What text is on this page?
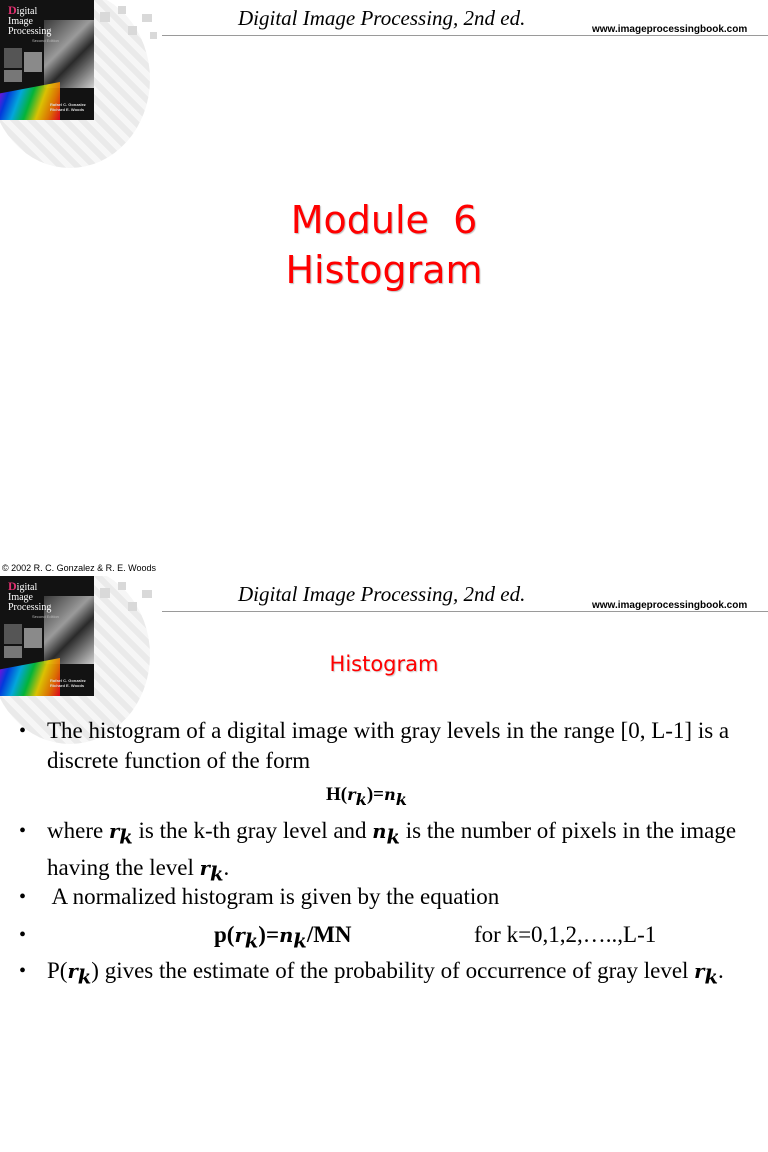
Digital
Image
Processing
Second Edition
Rafael C. Gonzalez
Richard E. Woods
Digital Image Processing, 2nd ed.	www.imageprocessingbook.com
Module  6
Histogram
© 2002 R. C. Gonzalez & R. E. Woods
Digital
Image
Processing
Second Edition
Rafael C. Gonzalez
Richard E. Woods
Digital Image Processing, 2nd ed.	www.imageprocessingbook.com
Histogram
• The histogram of a digital image with gray levels in the range [0, L-1] is a discrete function of the form
$H(r_k)=n_k$
• where $r_k$ is the k-th gray level and $n_k$ is the number of pixels in the image having the level $r_k$.
•  A normalized histogram is given by the equation
$p(r_k)=n_k/MN$	for k=0,1,2,…..,L-1
• $P(r_k)$ gives the estimate of the probability of occurrence of gray level $r_k$.
